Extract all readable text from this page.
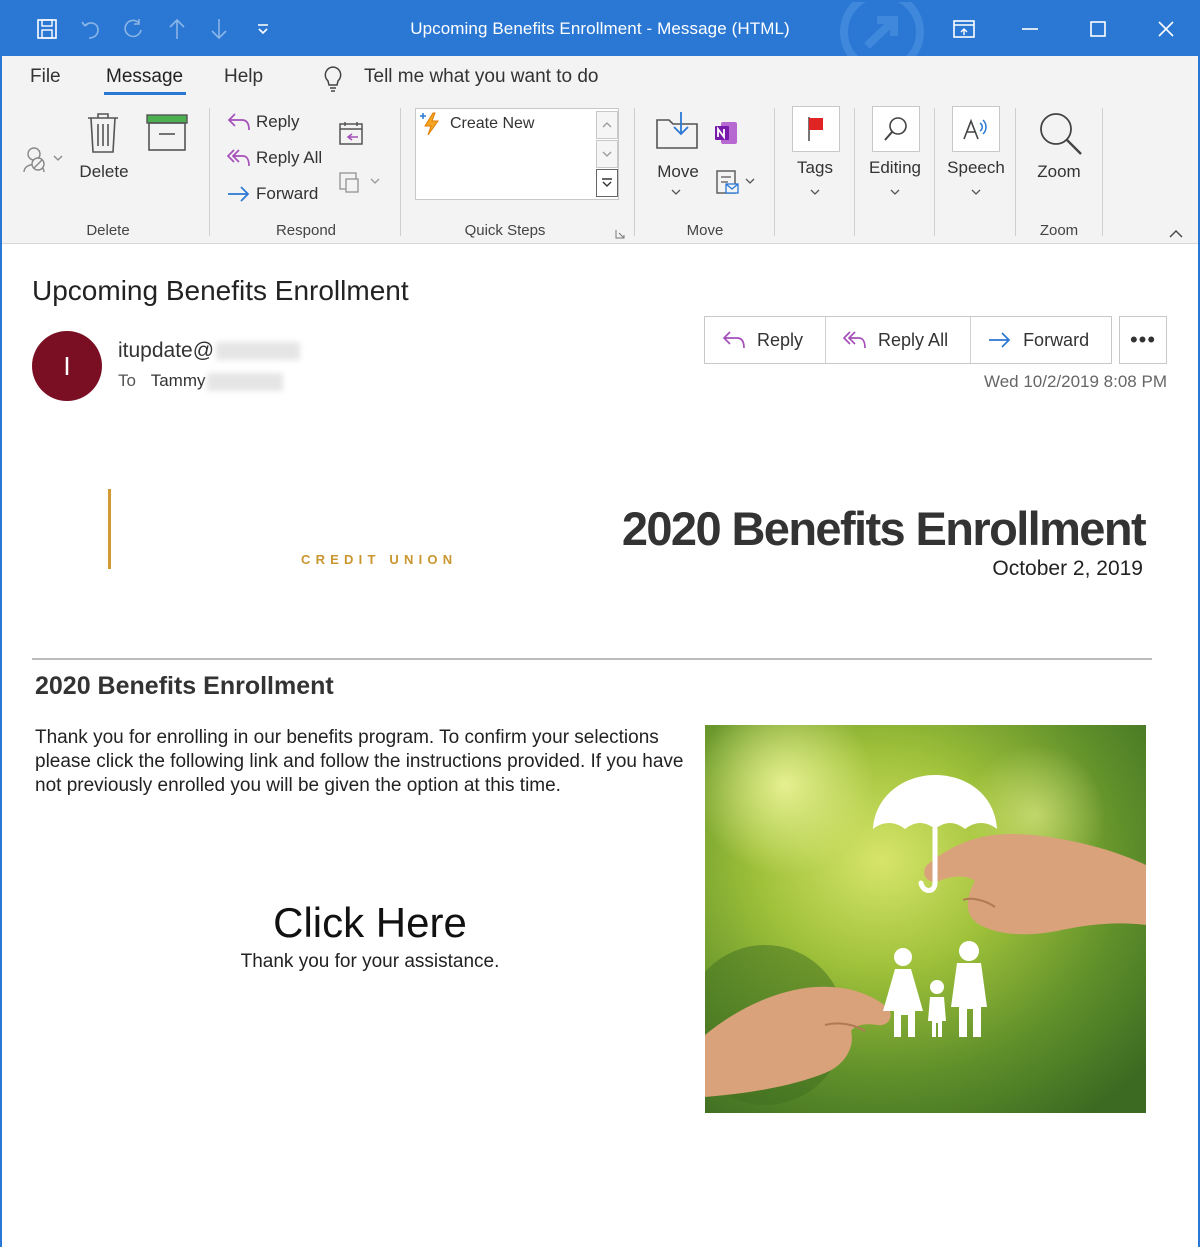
Upcoming Benefits Enrollment - Message (HTML)
File Message Help	Tell me what you want to do
Delete
Delete
Reply
Reply All
Forward
Respond
Create New
Quick Steps
Move
Move
Tags	Editing	Speech	Zoom
Zoom
Upcoming Benefits Enrollment
I itupdate@
To Tammy
Reply	Reply All	Forward	•••
Wed 10/2/2019 8:08 PM
CREDIT UNION
2020 Benefits Enrollment
October 2, 2019
2020 Benefits Enrollment
Thank you for enrolling in our benefits program. To confirm your selections please click the following link and follow the instructions provided. If you have not previously enrolled you will be given the option at this time.
Click Here
Thank you for your assistance.
